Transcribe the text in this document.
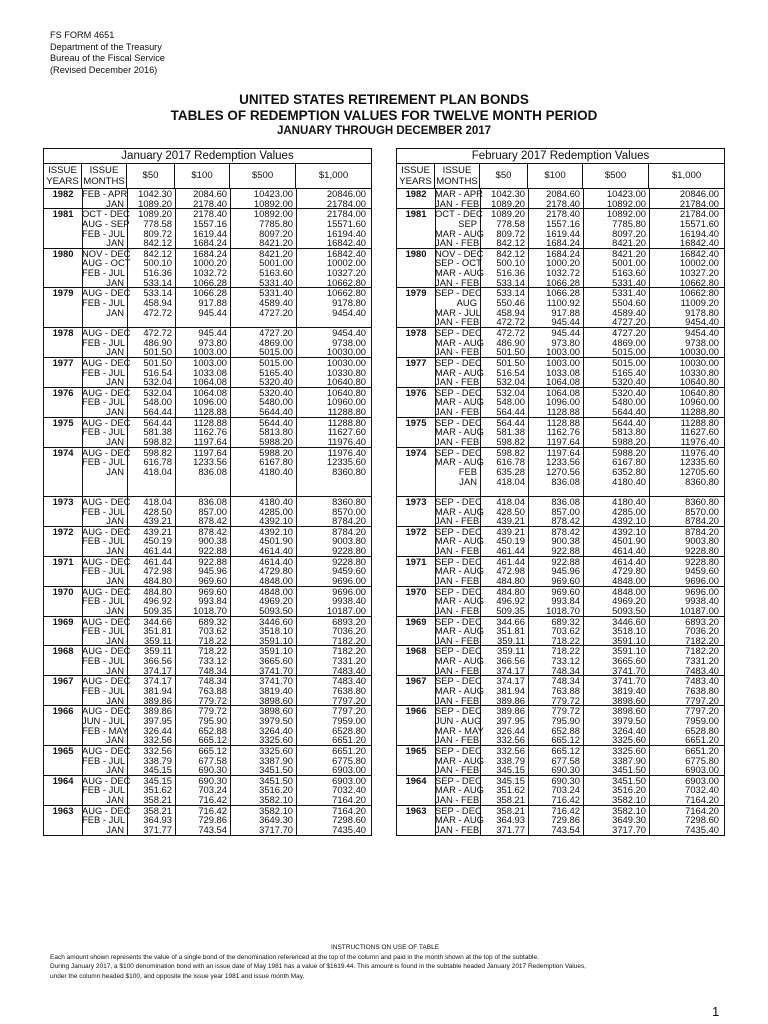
FS FORM 4651
Department of the Treasury
Bureau of the Fiscal Service
(Revised December 2016)
UNITED STATES RETIREMENT PLAN BONDS
TABLES OF REDEMPTION VALUES FOR TWELVE MONTH PERIOD
JANUARY THROUGH DECEMBER 2017
January 2017 Redemption Values
ISSUE
YEARS
ISSUE
MONTHS
$50	$100	$500	$1,000
1982 FEB - APR	1042.30	2084.60	10423.00	20846.00
JAN	1089.20	2178.40	10892.00	21784.00
1981 OCT - DEC 1089.20	2178.40	10892.00	21784.00
AUG - SEP	778.58	1557.16	7785.80	15571.60
FEB - JUL	809.72	1619.44	8097.20	16194.40
JAN	842.12	1684.24	8421.20	16842.40
1980 NOV - DEC	842.12	1684.24	8421.20	16842.40
AUG - OCT	500.10	1000.20	5001.00	10002.00
FEB - JUL	516.36	1032.72	5163.60	10327.20
JAN	533.14	1066.28	5331.40	10662.80
1979 AUG - DEC	533.14	1066.28	5331.40	10662.80
FEB - JUL	458.94	917.88	4589.40	9178.80
JAN	472.72	945.44	4727.20	9454.40
1978 AUG - DEC	472.72	945.44	4727.20	9454.40
FEB - JUL	486.90	973.80	4869.00	9738.00
JAN	501.50	1003.00	5015.00	10030.00
1977 AUG - DEC	501.50	1003.00	5015.00	10030.00
FEB - JUL	516.54	1033.08	5165.40	10330.80
JAN	532.04	1064.08	5320.40	10640.80
1976 AUG - DEC	532.04	1064.08	5320.40	10640.80
FEB - JUL	548.00	1096.00	5480.00	10960.00
JAN	564.44	1128.88	5644.40	11288.80
1975 AUG - DEC	564.44	1128.88	5644.40	11288.80
FEB - JUL	581.38	1162.76	5813.80	11627.60
JAN	598.82	1197.64	5988.20	11976.40
1974 AUG - DEC	598.82	1197.64	5988.20	11976.40
FEB - JUL	616.78	1233.56	6167.80	12335.60
JAN	418.04	836.08	4180.40	8360.80
1973 AUG - DEC	418.04	836.08	4180.40	8360.80
FEB - JUL	428.50	857.00	4285.00	8570.00
JAN	439.21	878.42	4392.10	8784.20
1972 AUG - DEC	439.21	878.42	4392.10	8784.20
FEB - JUL	450.19	900.38	4501.90	9003.80
JAN	461.44	922.88	4614.40	9228.80
1971 AUG - DEC	461.44	922.88	4614.40	9228.80
FEB - JUL	472.98	945.96	4729.80	9459.60
JAN	484.80	969.60	4848.00	9696.00
1970 AUG - DEC	484.80	969.60	4848.00	9696.00
FEB - JUL	496.92	993.84	4969.20	9938.40
JAN	509.35	1018.70	5093.50	10187.00
1969 AUG - DEC	344.66	689.32	3446.60	6893.20
FEB - JUL	351.81	703.62	3518.10	7036.20
JAN	359.11	718.22	3591.10	7182.20
1968 AUG - DEC	359.11	718.22	3591.10	7182.20
FEB - JUL	366.56	733.12	3665.60	7331.20
JAN	374.17	748.34	3741.70	7483.40
1967 AUG - DEC	374.17	748.34	3741.70	7483.40
FEB - JUL	381.94	763.88	3819.40	7638.80
JAN	389.86	779.72	3898.60	7797.20
1966 AUG - DEC	389.86	779.72	3898.60	7797.20
JUN - JUL	397.95	795.90	3979.50	7959.00
FEB - MAY	326.44	652.88	3264.40	6528.80
JAN	332.56	665.12	3325.60	6651.20
1965 AUG - DEC	332.56	665.12	3325.60	6651.20
FEB - JUL	338.79	677.58	3387.90	6775.80
JAN	345.15	690.30	3451.50	6903.00
1964 AUG - DEC	345.15	690.30	3451.50	6903.00
FEB - JUL	351.62	703.24	3516.20	7032.40
JAN	358.21	716.42	3582.10	7164.20
1963 AUG - DEC	358.21	716.42	3582.10	7164.20
FEB - JUL	364.93	729.86	3649.30	7298.60
JAN	371.77	743.54	3717.70	7435.40
February 2017 Redemption Values
ISSUE
YEARS
ISSUE
MONTHS
$50	$100	$500	$1,000
1982 MAR - APR 1042.30	2084.60	10423.00	20846.00
JAN - FEB	1089.20	2178.40	10892.00	21784.00
1981 OCT - DEC 1089.20	2178.40	10892.00	21784.00
SEP	778.58	1557.16	7785.80	15571.60
MAR - AUG	809.72	1619.44	8097.20	16194.40
JAN - FEB	842.12	1684.24	8421.20	16842.40
1980 NOV - DEC	842.12	1684.24	8421.20	16842.40
SEP - OCT	500.10	1000.20	5001.00	10002.00
MAR - AUG	516.36	1032.72	5163.60	10327.20
JAN - FEB	533.14	1066.28	5331.40	10662.80
1979 SEP - DEC	533.14	1066.28	5331.40	10662.80
AUG	550.46	1100.92	5504.60	11009.20
MAR - JUL	458.94	917.88	4589.40	9178.80
JAN - FEB	472.72	945.44	4727.20	9454.40
1978 SEP - DEC	472.72	945.44	4727.20	9454.40
MAR - AUG	486.90	973.80	4869.00	9738.00
JAN - FEB	501.50	1003.00	5015.00	10030.00
1977 SEP - DEC	501.50	1003.00	5015.00	10030.00
MAR - AUG	516.54	1033.08	5165.40	10330.80
JAN - FEB	532.04	1064.08	5320.40	10640.80
1976 SEP - DEC	532.04	1064.08	5320.40	10640.80
MAR - AUG	548.00	1096.00	5480.00	10960.00
JAN - FEB	564.44	1128.88	5644.40	11288.80
1975 SEP - DEC	564.44	1128.88	5644.40	11288.80
MAR - AUG	581.38	1162.76	5813.80	11627.60
JAN - FEB	598.82	1197.64	5988.20	11976.40
1974 SEP - DEC	598.82	1197.64	5988.20	11976.40
MAR - AUG	616.78	1233.56	6167.80	12335.60
FEB	635.28	1270.56	6352.80	12705.60
JAN	418.04	836.08	4180.40	8360.80
1973 SEP - DEC	418.04	836.08	4180.40	8360.80
MAR - AUG	428.50	857.00	4285.00	8570.00
JAN - FEB	439.21	878.42	4392.10	8784.20
1972 SEP - DEC	439.21	878.42	4392.10	8784.20
MAR - AUG	450.19	900.38	4501.90	9003.80
JAN - FEB	461.44	922.88	4614.40	9228.80
1971 SEP - DEC	461.44	922.88	4614.40	9228.80
MAR - AUG	472.98	945.96	4729.80	9459.60
JAN - FEB	484.80	969.60	4848.00	9696.00
1970 SEP - DEC	484.80	969.60	4848.00	9696.00
MAR - AUG	496.92	993.84	4969.20	9938.40
JAN - FEB	509.35	1018.70	5093.50	10187.00
1969 SEP - DEC	344.66	689.32	3446.60	6893.20
MAR - AUG	351.81	703.62	3518.10	7036.20
JAN - FEB	359.11	718.22	3591.10	7182.20
1968 SEP - DEC	359.11	718.22	3591.10	7182.20
MAR - AUG	366.56	733.12	3665.60	7331.20
JAN - FEB	374.17	748.34	3741.70	7483.40
1967 SEP - DEC	374.17	748.34	3741.70	7483.40
MAR - AUG	381.94	763.88	3819.40	7638.80
JAN - FEB	389.86	779.72	3898.60	7797.20
1966 SEP - DEC	389.86	779.72	3898.60	7797.20
JUN - AUG	397.95	795.90	3979.50	7959.00
MAR - MAY	326.44	652.88	3264.40	6528.80
JAN - FEB	332.56	665.12	3325.60	6651.20
1965 SEP - DEC	332.56	665.12	3325.60	6651.20
MAR - AUG	338.79	677.58	3387.90	6775.80
JAN - FEB	345.15	690.30	3451.50	6903.00
1964 SEP - DEC	345.15	690.30	3451.50	6903.00
MAR - AUG	351.62	703.24	3516.20	7032.40
JAN - FEB	358.21	716.42	3582.10	7164.20
1963 SEP - DEC	358.21	716.42	3582.10	7164.20
MAR - AUG	364.93	729.86	3649.30	7298.60
JAN - FEB	371.77	743.54	3717.70	7435.40
INSTRUCTIONS ON USE OF TABLE
Each amount shown represents the value of a single bond of the denomination referenced at the top of the column and paid in the month shown at the top of the subtable.
During January 2017, a $100 denomination bond with an issue date of May 1981 has a value of $1619.44. This amount is found in the subtable headed January 2017 Redemption Values,
under the column headed $100, and opposite the issue year 1981 and issue month May.
1
